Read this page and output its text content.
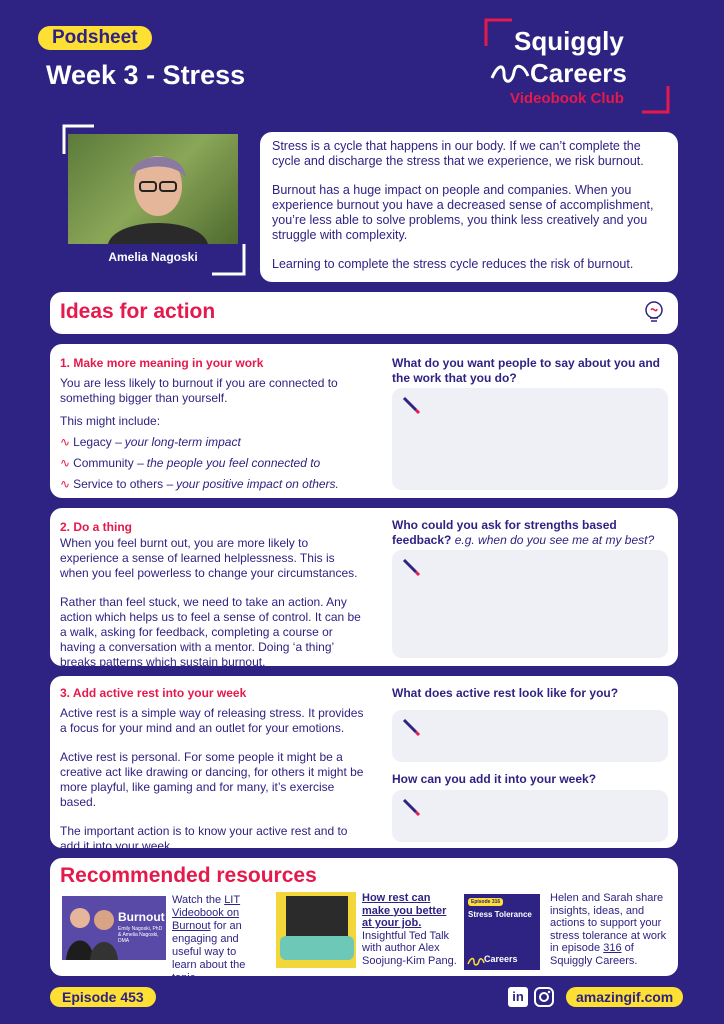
Podsheet
Week 3 - Stress
Squiggly
Careers
Videobook Club
Amelia Nagoski

Stress is a cycle that happens in our body. If we can’t complete the cycle and discharge the stress that we experience, we risk burnout.

Burnout has a huge impact on people and companies. When you experience burnout you have a decreased sense of accomplishment, you’re less able to solve problems, you think less creatively and you struggle with complexity.

Learning to complete the stress cycle reduces the risk of burnout.

Ideas for action
1. Make more meaning in your work

You are less likely to burnout if you are connected to something bigger than yourself.

This might include:

∿ Legacy – your long-term impact
∿ Community – the people you feel connected to
∿ Service to others – your positive impact on others.
What do you want people to say about you and the work that you do?
2. Do a thing

When you feel burnt out, you are more likely to experience a sense of learned helplessness. This is when you feel powerless to change your circumstances.

Rather than feel stuck, we need to take an action. Any action which helps us to feel a sense of control. It can be a walk, asking for feedback, completing a course or having a conversation with a mentor. Doing ‘a thing’ breaks patterns which sustain burnout.

Who could you ask for strengths based feedback? e.g. when do you see me at my best?
3. Add active rest into your week

Active rest is a simple way of releasing stress. It provides a focus for your mind and an outlet for your emotions.

Active rest is personal. For some people it might be a creative act like drawing or dancing, for others it might be more playful, like gaming and for many, it’s exercise based.

The important action is to know your active rest and to add it into your week.

What does active rest look like for you?
How can you add it into your week?
Recommended resources
Burnout
Emily Nagoski, PhD & Amelia Nagoski, DMA
Watch the LIT Videobook on Burnout for an engaging and useful way to learn about the topic.
How rest can make you better at your job.
Insightful Ted Talk with author Alex Soojung-Kim Pang.
Episode 316
Stress Tolerance
Careers
Helen and Sarah share insights, ideas, and actions to support your stress tolerance at work in episode 316 of Squiggly Careers.
Episode 453	in	amazingif.com
